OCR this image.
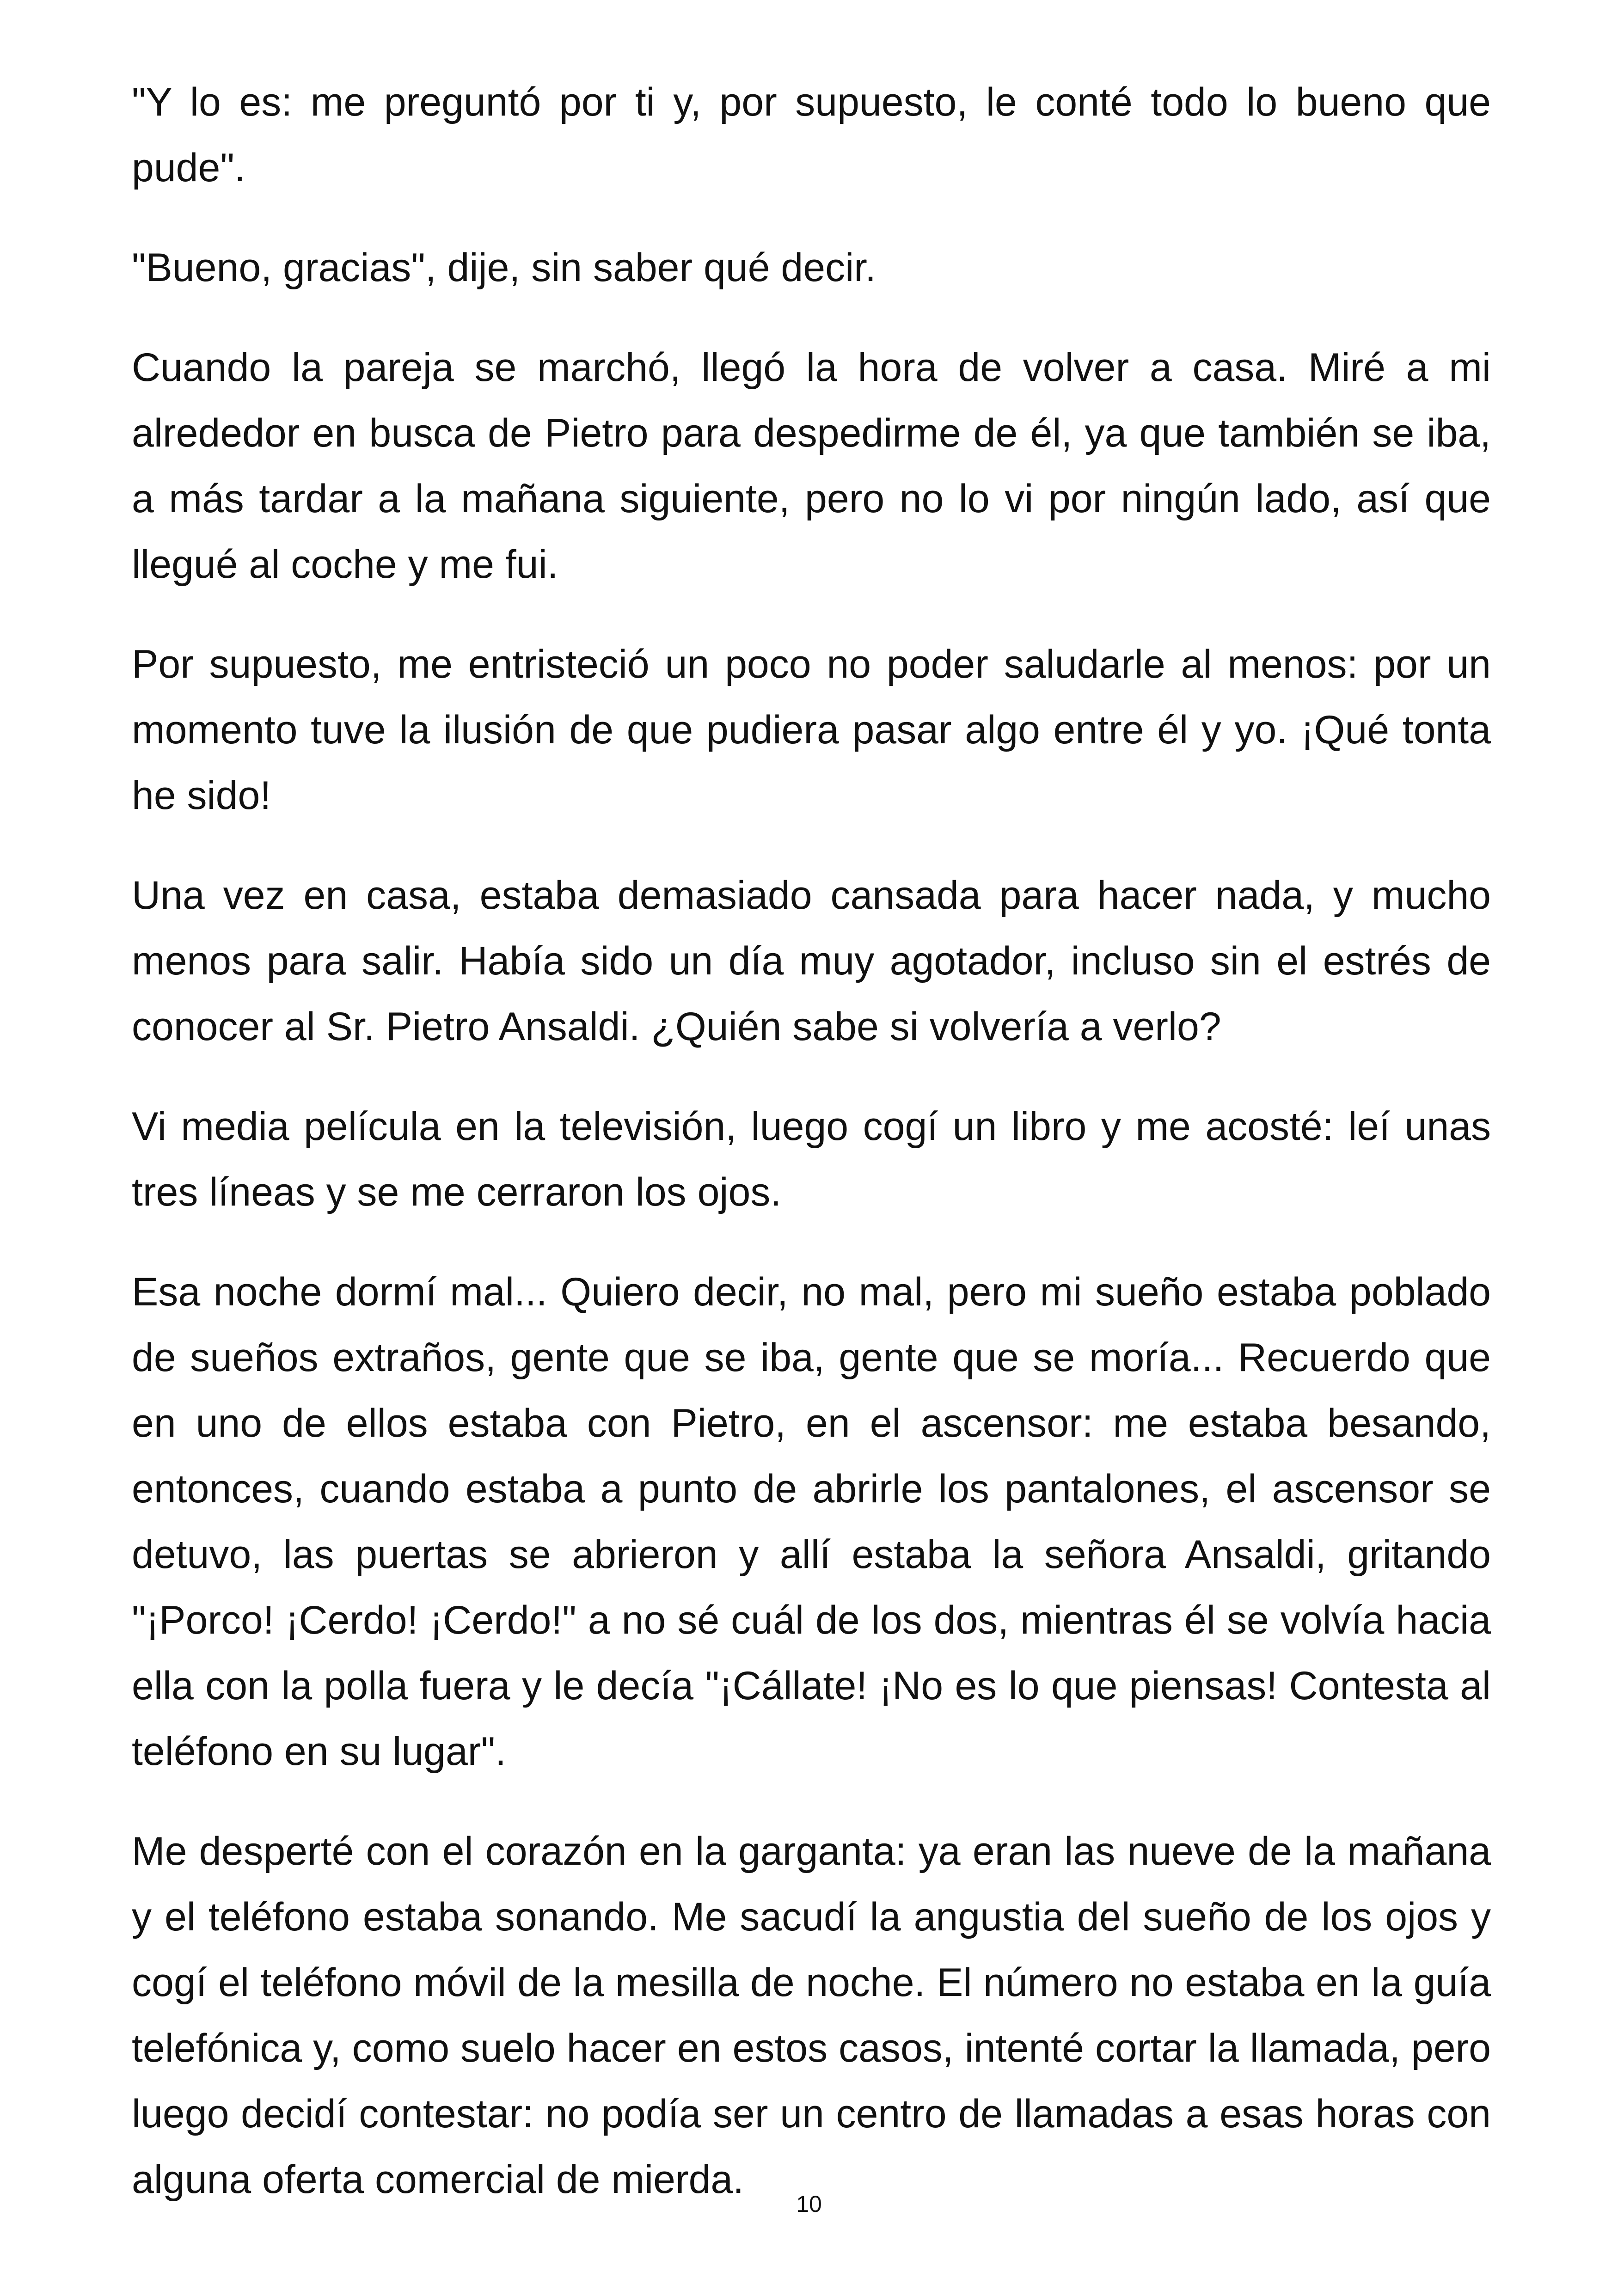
"Y lo es: me preguntó por ti y, por supuesto, le conté todo lo bueno que pude".

"Bueno, gracias", dije, sin saber qué decir.

Cuando la pareja se marchó, llegó la hora de volver a casa. Miré a mi alrededor en busca de Pietro para despedirme de él, ya que también se iba, a más tardar a la mañana siguiente, pero no lo vi por ningún lado, así que llegué al coche y me fui.

Por supuesto, me entristeció un poco no poder saludarle al menos: por un momento tuve la ilusión de que pudiera pasar algo entre él y yo. ¡Qué tonta he sido!

Una vez en casa, estaba demasiado cansada para hacer nada, y mucho menos para salir. Había sido un día muy agotador, incluso sin el estrés de conocer al Sr. Pietro Ansaldi. ¿Quién sabe si volvería a verlo?

Vi media película en la televisión, luego cogí un libro y me acosté: leí unas tres líneas y se me cerraron los ojos.

Esa noche dormí mal... Quiero decir, no mal, pero mi sueño estaba poblado de sueños extraños, gente que se iba, gente que se moría... Recuerdo que en uno de ellos estaba con Pietro, en el ascensor: me estaba besando, entonces, cuando estaba a punto de abrirle los pantalones, el ascensor se detuvo, las puertas se abrieron y allí estaba la señora Ansaldi, gritando "¡Porco! ¡Cerdo! ¡Cerdo!" a no sé cuál de los dos, mientras él se volvía hacia ella con la polla fuera y le decía "¡Cállate! ¡No es lo que piensas! Contesta al teléfono en su lugar".

Me desperté con el corazón en la garganta: ya eran las nueve de la mañana y el teléfono estaba sonando. Me sacudí la angustia del sueño de los ojos y cogí el teléfono móvil de la mesilla de noche. El número no estaba en la guía telefónica y, como suelo hacer en estos casos, intenté cortar la llamada, pero luego decidí contestar: no podía ser un centro de llamadas a esas horas con alguna oferta comercial de mierda.

10
